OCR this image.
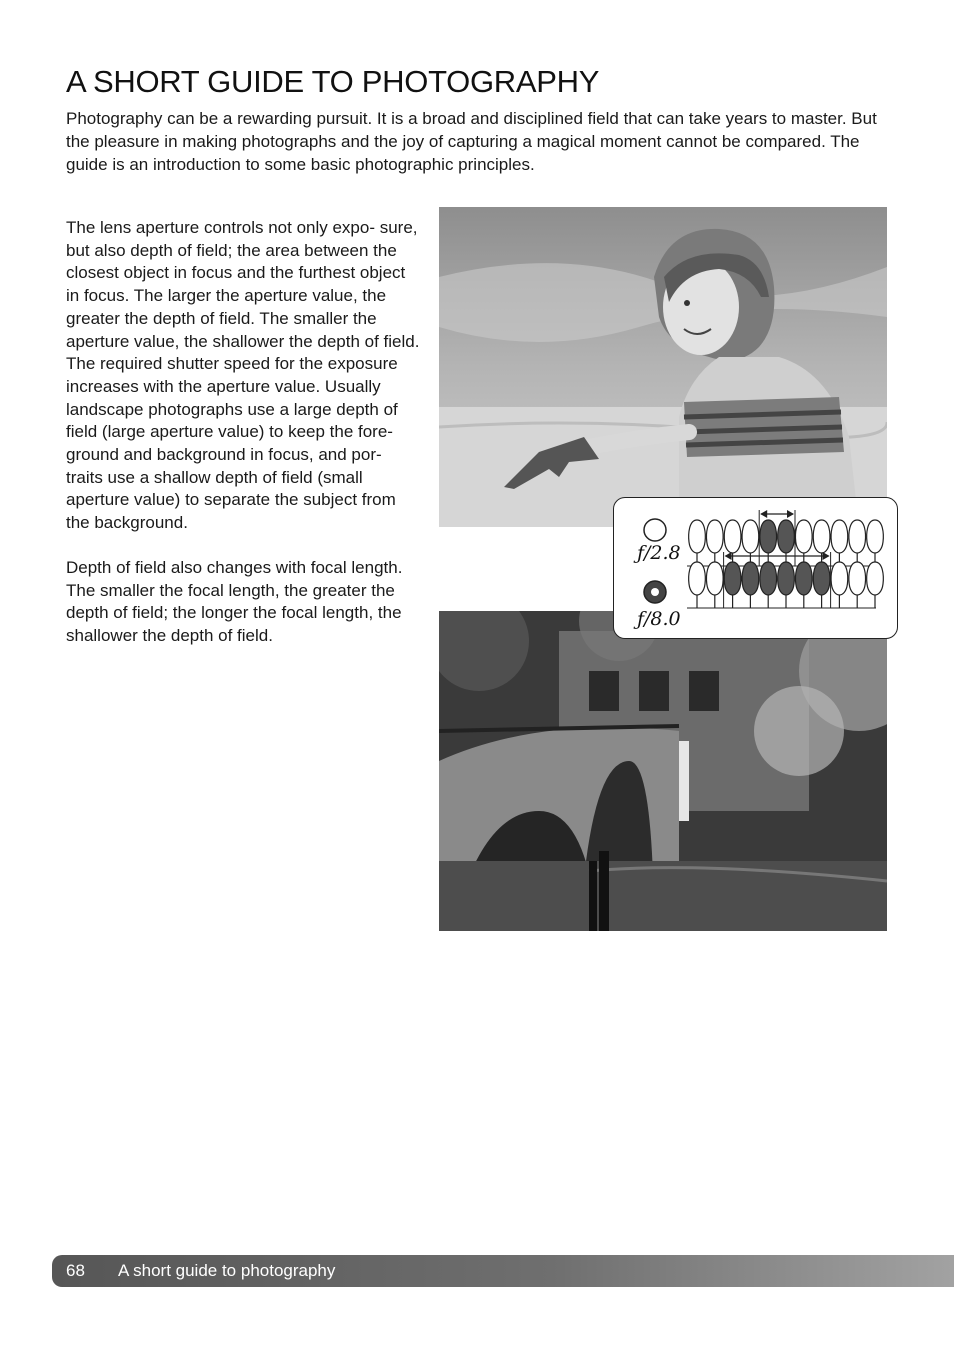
A SHORT GUIDE TO PHOTOGRAPHY

Photography can be a rewarding pursuit. It is a broad and disciplined field that can take years to master. But the pleasure in making photographs and the joy of capturing a magical moment cannot be compared. The guide is an introduction to some basic photographic principles.

The lens aperture controls not only expo- sure, but also depth of field; the area between the closest object in focus and the furthest object in focus. The larger the aperture value, the greater the depth of field. The smaller the aperture value, the shallower the depth of field. The required shutter speed for the exposure increases with the aperture value. Usually landscape photographs use a large depth of field (large aperture value) to keep the fore- ground and background in focus, and por- traits use a shallow depth of field (small aperture value) to separate the subject from the background.

Depth of field also changes with focal length. The smaller the focal length, the greater the depth of field; the longer the focal length, the shallower the depth of field.

ƒ/2.8
ƒ/8.0
68 A short guide to photography
